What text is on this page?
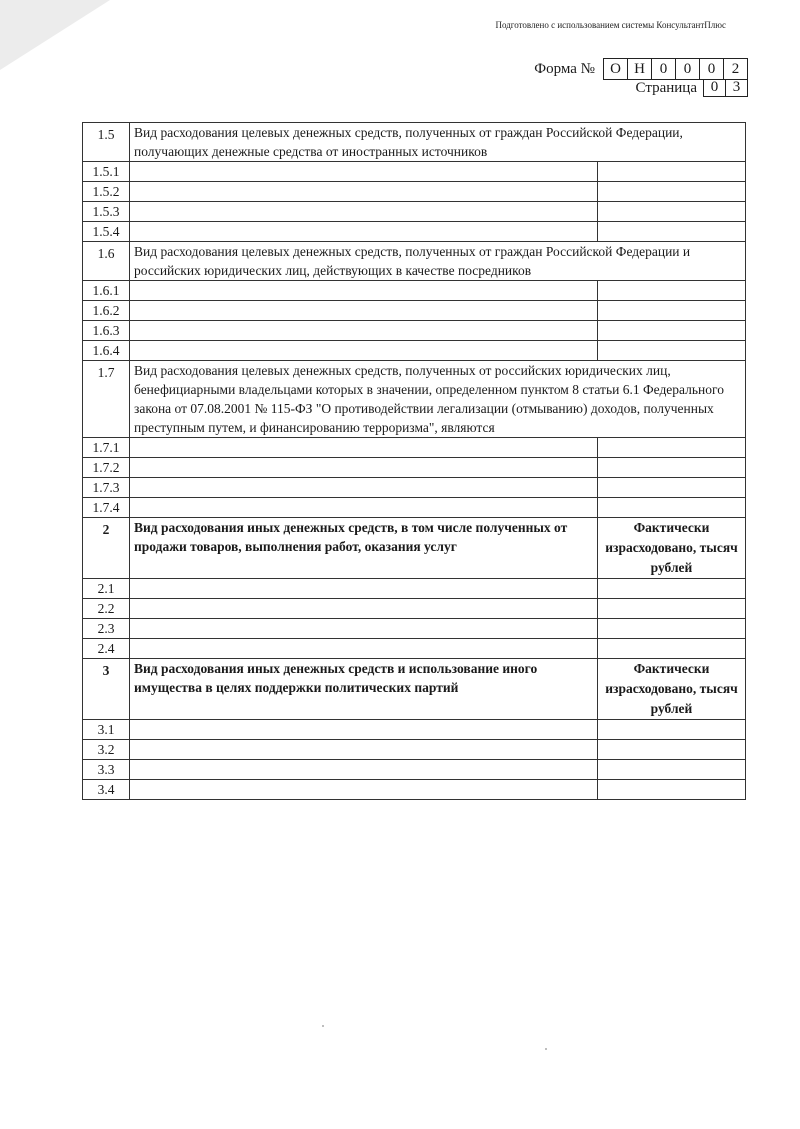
Подготовлено с использованием системы КонсультантПлюс
Форма №	О Н 0	0	0	2
Страница 0 3
1.5	Вид расходования целевых денежных средств, полученных от граждан Российской Федерации, получающих денежные средства от иностранных источников	
1.5.1		
1.5.2		
1.5.3		
1.5.4		
1.6	Вид расходования целевых денежных средств, полученных от граждан Российской Федерации и российских юридических лиц, действующих в качестве посредников	
1.6.1		
1.6.2		
1.6.3		
1.6.4		
1.7	Вид расходования целевых денежных средств, полученных от российских юридических лиц, бенефициарными владельцами которых в значении, определенном пунктом 8 статьи 6.1 Федерального закона от 07.08.2001 № 115-ФЗ "О противодействии легализации (отмыванию) доходов, полученных преступным путем, и финансированию терроризма", являются	
1.7.1		
1.7.2		
1.7.3		
1.7.4		
2	Вид расходования иных денежных средств, в том числе полученных от продажи товаров, выполнения работ, оказания услуг	Фактически израсходовано, тысяч рублей
2.1		
2.2		
2.3		
2.4		
3	Вид расходования иных денежных средств и использование иного имущества в целях поддержки политических партий	Фактически израсходовано, тысяч рублей
3.1		
3.2		
3.3		
3.4		
